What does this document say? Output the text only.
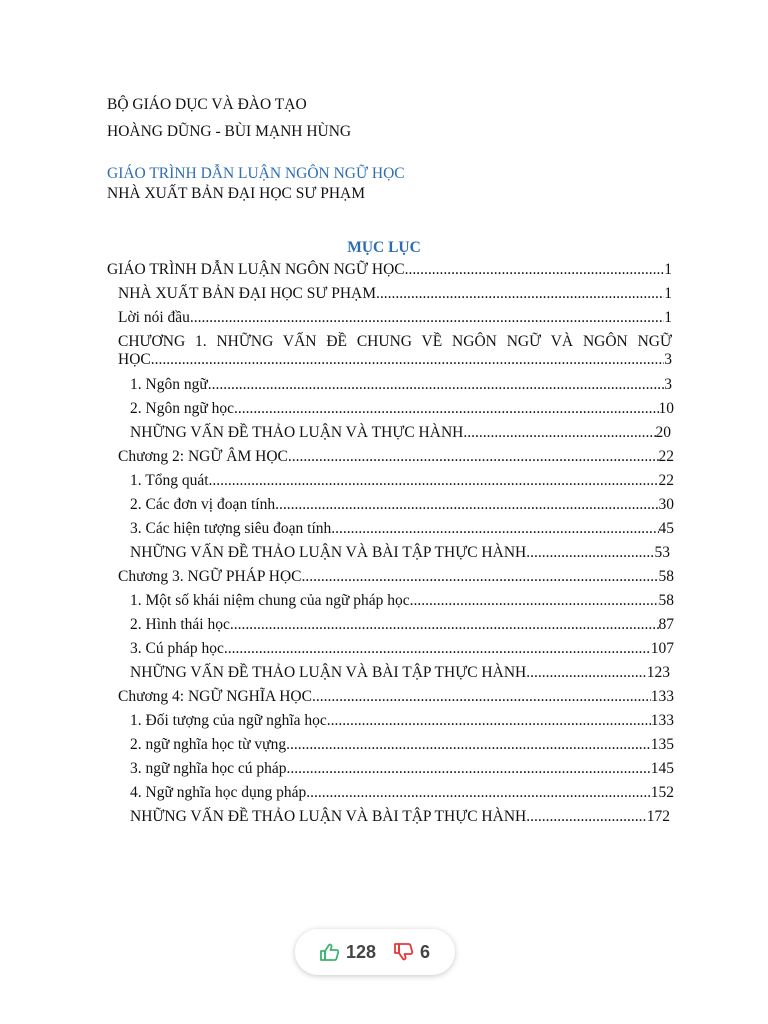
BỘ GIÁO DỤC VÀ ĐÀO TẠO
HOÀNG DŨNG - BÙI MẠNH HÙNG
GIÁO TRÌNH DẪN LUẬN NGÔN NGỮ HỌC
NHÀ XUẤT BẢN ĐẠI HỌC SƯ PHẠM
MỤC LỤC
GIÁO TRÌNH DẪN LUẬN NGÔN NGỮ HỌC .....	1
NHÀ XUẤT BẢN ĐẠI HỌC SƯ PHẠM .....	1
Lời nói đầu .....	1
CHƯƠNG 1. NHỮNG VẤN ĐỀ CHUNG VỀ NGÔN NGỮ VÀ NGÔN NGỮ
HỌC .....	3
1. Ngôn ngữ .....	3
2. Ngôn ngữ học .....	10
NHỮNG VẤN ĐỀ THẢO LUẬN VÀ THỰC HÀNH .....	20
Chương 2: NGỮ ÂM HỌC .....	22
1. Tổng quát .....	22
2. Các đơn vị đoạn tính .....	30
3. Các hiện tượng siêu đoạn tính .....	45
NHỮNG VẤN ĐỀ THẢO LUẬN VÀ BÀI TẬP THỰC HÀNH .....	53
Chương 3. NGỮ PHÁP HỌC .....	58
1. Một số khái niệm chung của ngữ pháp học .....	58
2. Hình thái học .....	87
3. Cú pháp học .....	107
NHỮNG VẤN ĐỀ THẢO LUẬN VÀ BÀI TẬP THỰC HÀNH .....	123
Chương 4: NGỮ NGHĨA HỌC .....	133
1. Đối tượng của ngữ nghĩa học .....	133
2. ngữ nghĩa học từ vựng .....	135
3. ngữ nghĩa học cú pháp .....	145
4. Ngữ nghĩa học dụng pháp .....	152
NHỮNG VẤN ĐỀ THẢO LUẬN VÀ BÀI TẬP THỰC HÀNH .....	172
128 6
